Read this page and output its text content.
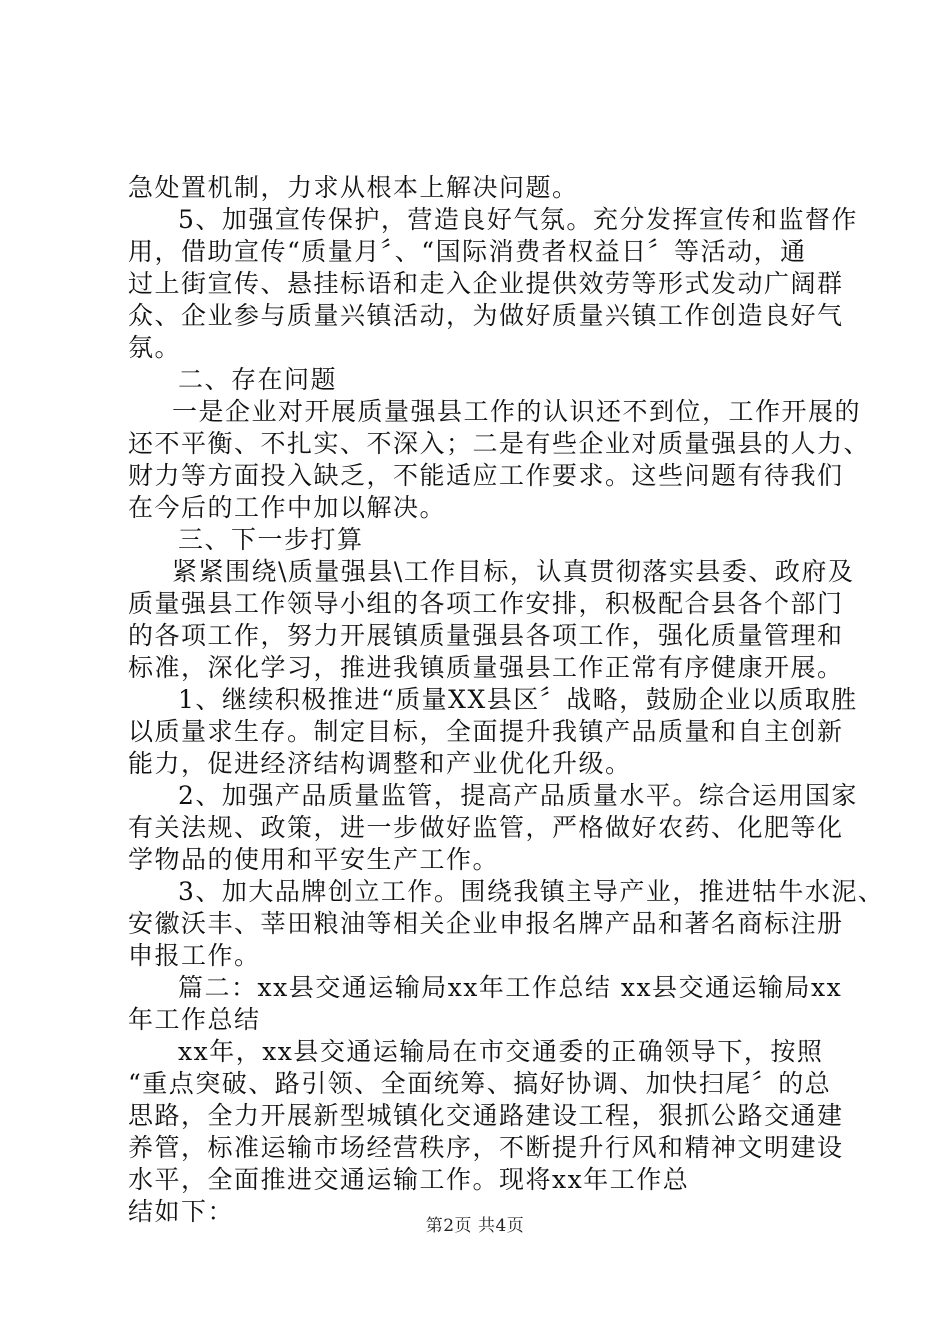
急处置机制，力求从根本上解决问题。
5、加强宣传保护，营造良好气氛。充分发挥宣传和监督作
用，借助宣传“质量月〞、“国际消费者权益日〞等活动，通
过上街宣传、悬挂标语和走入企业提供效劳等形式发动广阔群
众、企业参与质量兴镇活动，为做好质量兴镇工作创造良好气
氛。
二、存在问题
一是企业对开展质量强县工作的认识还不到位，工作开展的
还不平衡、不扎实、不深入；二是有些企业对质量强县的人力、
财力等方面投入缺乏，不能适应工作要求。这些问题有待我们
在今后的工作中加以解决。
三、下一步打算
紧紧围绕\质量强县\工作目标，认真贯彻落实县委、政府及
质量强县工作领导小组的各项工作安排，积极配合县各个部门
的各项工作，努力开展镇质量强县各项工作，强化质量管理和
标准，深化学习，推进我镇质量强县工作正常有序健康开展。
1、继续积极推进“质量XX县区〞战略，鼓励企业以质取胜
以质量求生存。制定目标，全面提升我镇产品质量和自主创新
能力，促进经济结构调整和产业优化升级。
2、加强产品质量监管，提高产品质量水平。综合运用国家
有关法规、政策，进一步做好监管，严格做好农药、化肥等化
学物品的使用和平安生产工作。
3、加大品牌创立工作。围绕我镇主导产业，推进牯牛水泥、
安徽沃丰、莘田粮油等相关企业申报名牌产品和著名商标注册
申报工作。
篇二：xx县交通运输局xx年工作总结 xx县交通运输局xx
年工作总结
xx年，xx县交通运输局在市交通委的正确领导下，按照
“重点突破、路引领、全面统筹、搞好协调、加快扫尾〞的总
思路，全力开展新型城镇化交通路建设工程，狠抓公路交通建
养管，标准运输市场经营秩序，不断提升行风和精神文明建设
水平，全面推进交通运输工作。现将xx年工作总
结如下：	第2页 共4页
